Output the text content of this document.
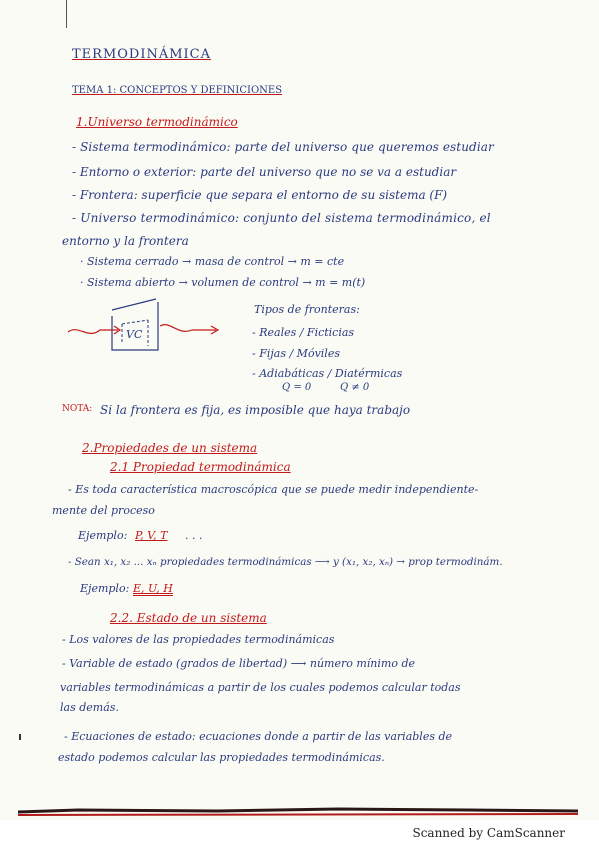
TERMODINÁMICA
TEMA 1: CONCEPTOS Y DEFINICIONES
1.Universo termodinámico
- Sistema termodinámico: parte del universo que queremos estudiar
- Entorno o exterior: parte del universo que no se va a estudiar
- Frontera: superficie que separa el entorno de su sistema (F)
- Universo termodinámico: conjunto del sistema termodinámico, el
entorno y la frontera
· Sistema cerrado → masa de control → m = cte
· Sistema abierto → volumen de control → m = m(t)
VC
Tipos de fronteras:
- Reales / Ficticias
- Fijas / Móviles
- Adiabáticas / Diatérmicas
Q = 0	Q ≠ 0
NOTA: Si la frontera es fija, es imposible que haya trabajo
2.Propiedades de un sistema
2.1 Propiedad termodinámica
- Es toda característica macroscópica que se puede medir independiente-
mente del proceso
Ejemplo: P, V, T . . .
- Sean x₁, x₂ ... xₙ propiedades termodinámicas ⟶ y (x₁, x₂, xₙ) → prop termodinám.
Ejemplo: E, U, H
2.2. Estado de un sistema
- Los valores de las propiedades termodinámicas
- Variable de estado (grados de libertad) ⟶ número mínimo de
variables termodinámicas a partir de los cuales podemos calcular todas
las demás.
- Ecuaciones de estado: ecuaciones donde a partir de las variables de
estado podemos calcular las propiedades termodinámicas.
Scanned by CamScanner
